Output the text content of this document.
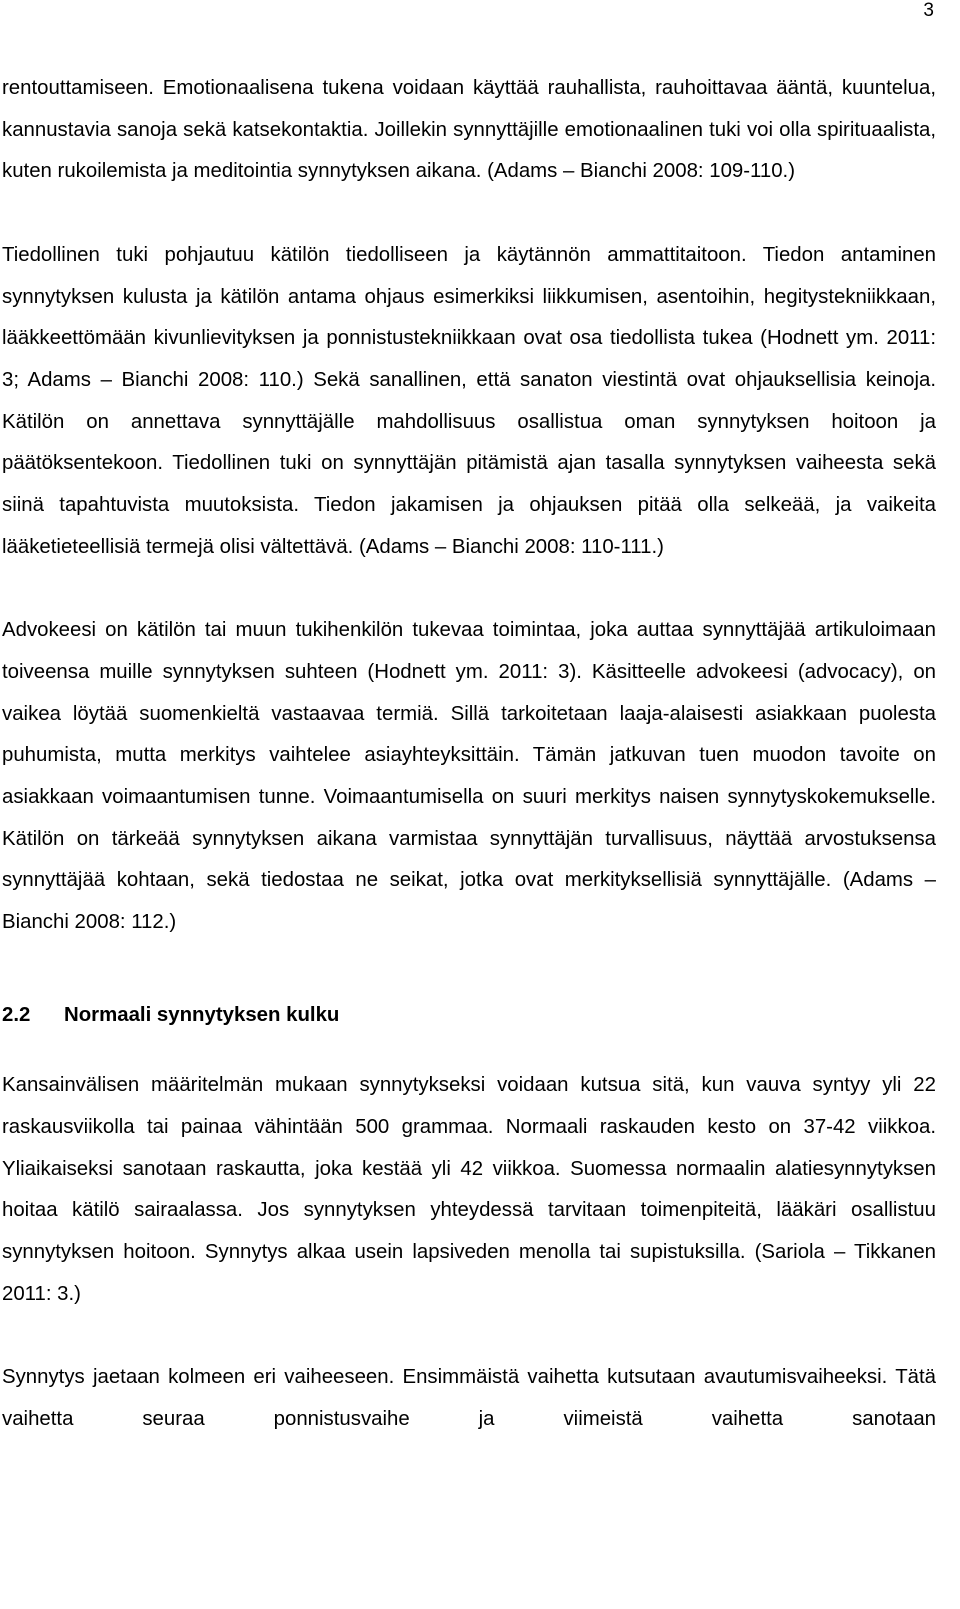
3

rentouttamiseen. Emotionaalisena tukena voidaan käyttää rauhallista, rauhoittavaa ääntä, kuuntelua, kannustavia sanoja sekä katsekontaktia. Joillekin synnyttäjille emotionaalinen tuki voi olla spirituaalista, kuten rukoilemista ja meditointia synnytyksen aikana. (Adams – Bianchi 2008: 109-110.)

Tiedollinen tuki pohjautuu kätilön tiedolliseen ja käytännön ammattitaitoon. Tiedon antaminen synnytyksen kulusta ja kätilön antama ohjaus esimerkiksi liikkumisen, asentoihin, hegitystekniikkaan, lääkkeettömään kivunlievityksen ja ponnistustekniikkaan ovat osa tiedollista tukea (Hodnett ym. 2011: 3; Adams – Bianchi 2008: 110.) Sekä sanallinen, että sanaton viestintä ovat ohjauksellisia keinoja. Kätilön on annettava synnyttäjälle mahdollisuus osallistua oman synnytyksen hoitoon ja päätöksentekoon. Tiedollinen tuki on synnyttäjän pitämistä ajan tasalla synnytyksen vaiheesta sekä siinä tapahtuvista muutoksista. Tiedon jakamisen ja ohjauksen pitää olla selkeää, ja vaikeita lääketieteellisiä termejä olisi vältettävä. (Adams – Bianchi 2008: 110-111.)

Advokeesi on kätilön tai muun tukihenkilön tukevaa toimintaa, joka auttaa synnyttäjää artikuloimaan toiveensa muille synnytyksen suhteen (Hodnett ym. 2011: 3). Käsitteelle advokeesi (advocacy), on vaikea löytää suomenkieltä vastaavaa termiä. Sillä tarkoitetaan laaja-alaisesti asiakkaan puolesta puhumista, mutta merkitys vaihtelee asiayhteyksittäin. Tämän jatkuvan tuen muodon tavoite on asiakkaan voimaantumisen tunne. Voimaantumisella on suuri merkitys naisen synnytyskokemukselle. Kätilön on tärkeää synnytyksen aikana varmistaa synnyttäjän turvallisuus, näyttää arvostuksensa synnyttäjää kohtaan, sekä tiedostaa ne seikat, jotka ovat merkityksellisiä synnyttäjälle. (Adams – Bianchi 2008: 112.)

2.2	Normaali synnytyksen kulku

Kansainvälisen määritelmän mukaan synnytykseksi voidaan kutsua sitä, kun vauva syntyy yli 22 raskausviikolla tai painaa vähintään 500 grammaa. Normaali raskauden kesto on 37-42 viikkoa. Yliaikaiseksi sanotaan raskautta, joka kestää yli 42 viikkoa. Suomessa normaalin alatiesynnytyksen hoitaa kätilö sairaalassa. Jos synnytyksen yhteydessä tarvitaan toimenpiteitä, lääkäri osallistuu synnytyksen hoitoon. Synnytys alkaa usein lapsiveden menolla tai supistuksilla. (Sariola – Tikkanen 2011: 3.)

Synnytys jaetaan kolmeen eri vaiheeseen. Ensimmäistä vaihetta kutsutaan avautumisvaiheeksi. Tätä vaihetta seuraa ponnistusvaihe ja viimeistä vaihetta sanotaan
